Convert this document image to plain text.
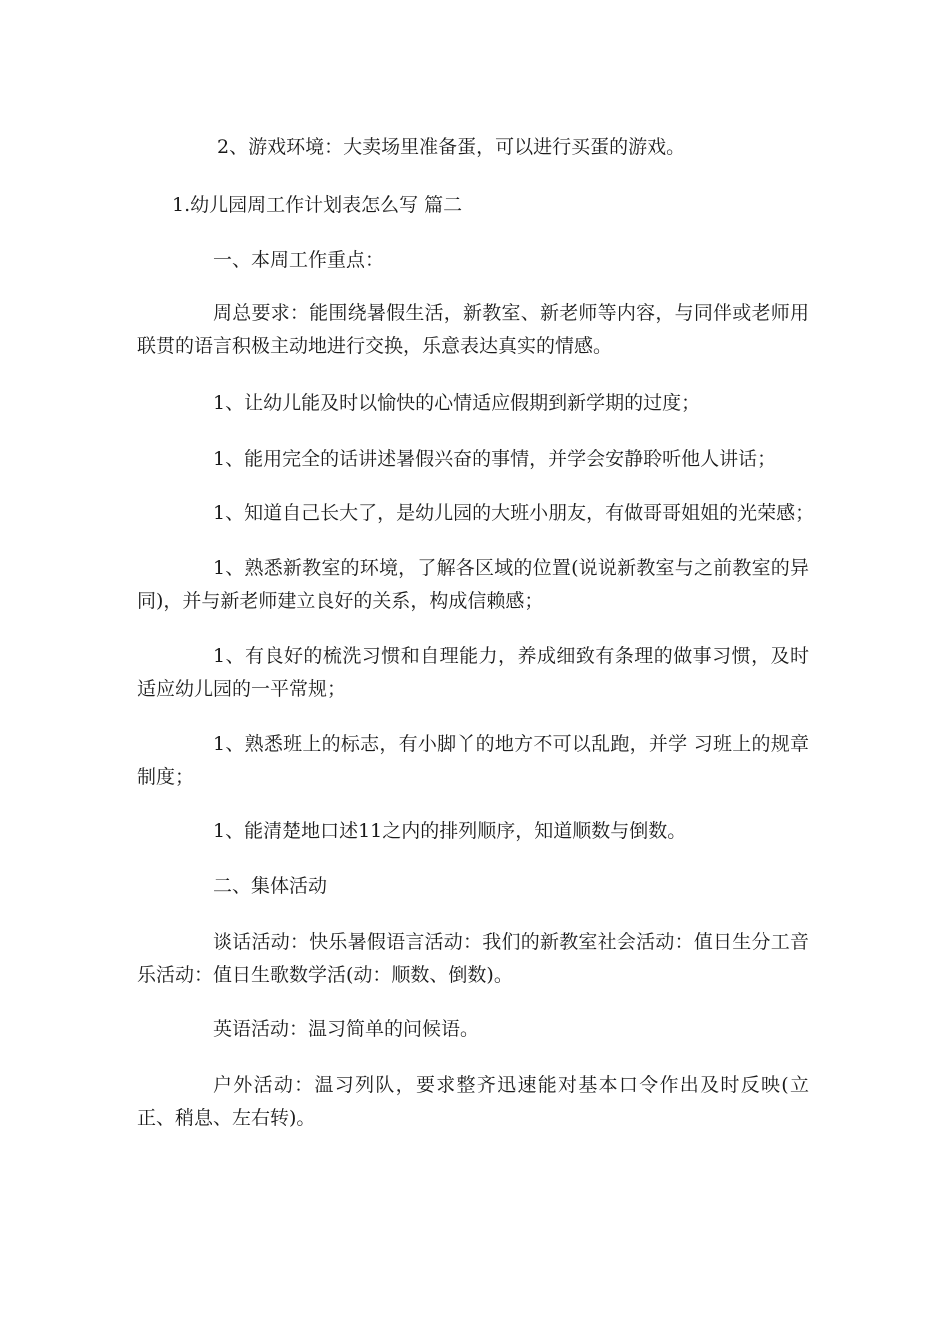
2、游戏环境：大卖场里准备蛋，可以进行买蛋的游戏。

1.幼儿园周工作计划表怎么写 篇二

一、本周工作重点：

周总要求：能围绕暑假生活，新教室、新老师等内容，与同伴或老师用联贯的语言积极主动地进行交换，乐意表达真实的情感。

1、让幼儿能及时以愉快的心情适应假期到新学期的过度；

1、能用完全的话讲述暑假兴奋的事情，并学会安静聆听他人讲话；

1、知道自己长大了，是幼儿园的大班小朋友，有做哥哥姐姐的光荣感；

1、熟悉新教室的环境，了解各区域的位置(说说新教室与之前教室的异同)，并与新老师建立良好的关系，构成信赖感；

1、有良好的梳洗习惯和自理能力，养成细致有条理的做事习惯，及时适应幼儿园的一平常规；

1、熟悉班上的标志，有小脚丫的地方不可以乱跑，并学 习班上的规章制度；

1、能清楚地口述11之内的排列顺序，知道顺数与倒数。

二、集体活动

谈话活动：快乐暑假语言活动：我们的新教室社会活动：值日生分工音乐活动：值日生歌数学活(动：顺数、倒数)。

英语活动：温习简单的问候语。

户外活动：温习列队，要求整齐迅速能对基本口令作出及时反映(立正、稍息、左右转)。
